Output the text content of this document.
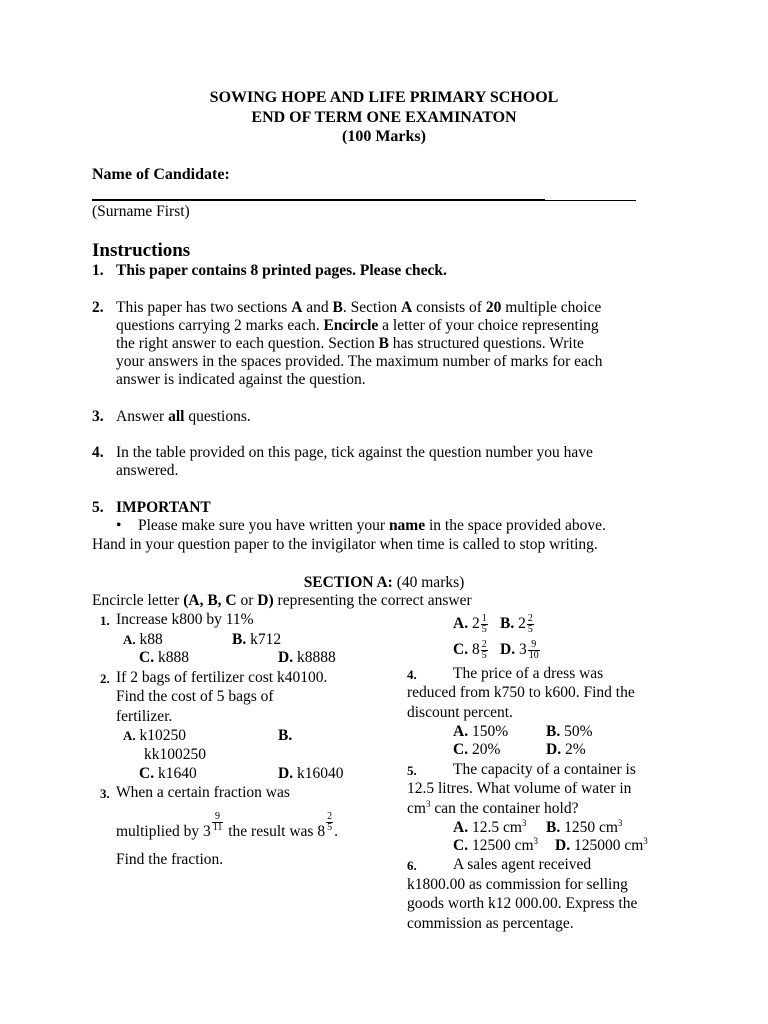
SOWING HOPE AND LIFE PRIMARY SCHOOL
END OF TERM ONE EXAMINATON
(100 Marks)
Name of Candidate:
(Surname First)
Instructions
1. This paper contains 8 printed pages. Please check.
2. This paper has two sections A and B. Section A consists of 20 multiple choice
questions carrying 2 marks each. Encircle a letter of your choice representing
the right answer to each question. Section B has structured questions. Write
your answers in the spaces provided. The maximum number of marks for each
answer is indicated against the question.
3. Answer all questions.
4. In the table provided on this page, tick against the question number you have
answered.
5. IMPORTANT
• Please make sure you have written your name in the space provided above.
Hand in your question paper to the invigilator when time is called to stop writing.
SECTION A: (40 marks)
Encircle letter (A, B, C or D) representing the correct answer
1. Increase k800 by 11%
A. k88	B. k712
C. k888	D. k8888
2. If 2 bags of fertilizer cost k40100.
Find the cost of 5 bags of
fertilizer.
A. k10250	B.
kk100250
C. k1640	D. k16040
3. When a certain fraction was
multiplied by $3 \frac{9}{11}$ the result was $8 \frac{2}{5}$ .
Find the fraction.
A. $2 \frac{1}{5} B$. $2 \frac{2}{5}$
C. $8 \frac{2}{5} D$. $3 \frac{9}{10}$
4. The price of a dress was
reduced from k750 to k600. Find the
discount percent.
A. 150% B. 50%
C. 20%	D. 2%
5. The capacity of a container is
12.5 litres. What volume of water in
$cm^3$ can the container hold?
A. 12.5 $cm^3$ B. 1250 $cm^3$
C. 12500 $cm^3$ D. 125000 $cm^3$
6. A sales agent received
k1800.00 as commission for selling
goods worth k12 000.00. Express the
commission as percentage.
